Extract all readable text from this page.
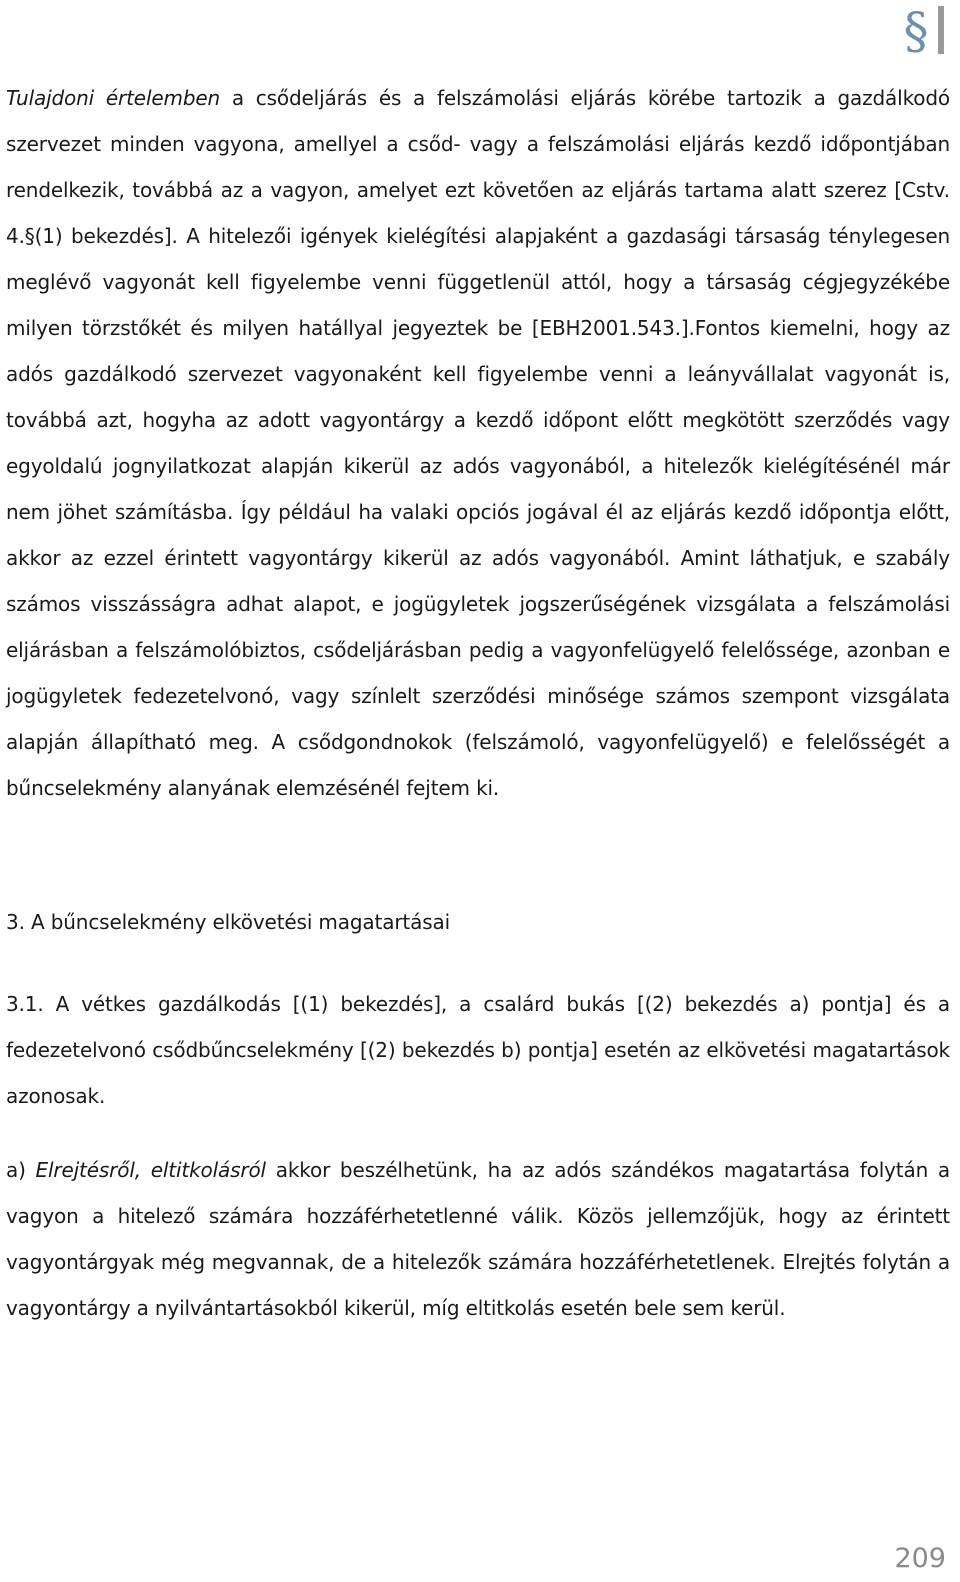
§

Tulajdoni értelemben a csődeljárás és a felszámolási eljárás körébe tartozik a gazdálkodó szervezet minden vagyona, amellyel a csőd- vagy a felszámolási eljárás kezdő időpontjában rendelkezik, továbbá az a vagyon, amelyet ezt követően az eljárás tartama alatt szerez [Cstv. 4.§(1) bekezdés]. A hitelezői igények kielégítési alapjaként a gazdasági társaság ténylegesen meglévő vagyonát kell figyelembe venni függetlenül attól, hogy a társaság cégjegyzékébe milyen törzstőkét és milyen hatállyal jegyeztek be [EBH2001.543.].Fontos kiemelni, hogy az adós gazdálkodó szervezet vagyonaként kell figyelembe venni a leányvállalat vagyonát is, továbbá azt, hogyha az adott vagyontárgy a kezdő időpont előtt megkötött szerződés vagy egyoldalú jognyilatkozat alapján kikerül az adós vagyonából, a hitelezők kielégítésénél már nem jöhet számításba. Így például ha valaki opciós jogával él az eljárás kezdő időpontja előtt, akkor az ezzel érintett vagyontárgy kikerül az adós vagyonából. Amint láthatjuk, e szabály számos visszásságra adhat alapot, e jogügyletek jogszerűségének vizsgálata a felszámolási eljárásban a felszámolóbiztos, csődeljárásban pedig a vagyonfelügyelő felelőssége, azonban e jogügyletek fedezetelvonó, vagy színlelt szerződési minősége számos szempont vizsgálata alapján állapítható meg. A csődgondnokok (felszámoló, vagyonfelügyelő) e felelősségét a bűncselekmény alanyának elemzésénél fejtem ki.

3. A bűncselekmény elkövetési magatartásai

3.1. A vétkes gazdálkodás [(1) bekezdés], a csalárd bukás [(2) bekezdés a) pontja] és a fedezetelvonó csődbűncselekmény [(2) bekezdés b) pontja] esetén az elkövetési magatartások azonosak.

a) Elrejtésről, eltitkolásról akkor beszélhetünk, ha az adós szándékos magatartása folytán a vagyon a hitelező számára hozzáférhetetlenné válik. Közös jellemzőjük, hogy az érintett vagyontárgyak még megvannak, de a hitelezők számára hozzáférhetetlenek. Elrejtés folytán a vagyontárgy a nyilvántartásokból kikerül, míg eltitkolás esetén bele sem kerül.

209
